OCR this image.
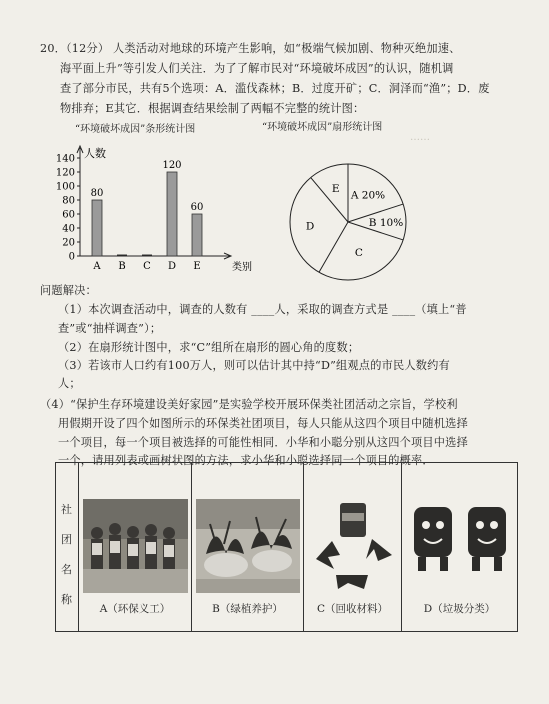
……
20．（12分） 人类活动对地球的环境产生影响，如“极端气候加剧、物种灭绝加速、
海平面上升”等引发人们关注．为了了解市民对“环境破坏成因”的认识，随机调
查了部分市民，共有5个选项：A．滥伐森林；B．过度开矿；C．洞泽而“渔”；D．废
物排弃；E其它．根据调查结果绘制了两幅不完整的统计图：
“环境破坏成因”条形统计图	“环境破坏成因”扇形统计图
人数
类别
0
20
40
60
80
100
120
140
80
A B C
120
D
60
E
A 20%
B 10%
C
D
E
问题解决：
（1）本次调查活动中，调查的人数有 ____人，采取的调查方式是 ____（填上“普
查”或“抽样调查”）；
（2）在扇形统计图中，求“C”组所在扇形的圆心角的度数；
（3）若该市人口约有100万人，则可以估计其中持“D”组观点的市民人数约有
人；
（4）“保护生存环境建设美好家园”是实验学校开展环保类社团活动之宗旨，学校利
用假期开设了四个如图所示的环保类社团项目，每人只能从这四个项目中随机选择
一个项目，每一个项目被选择的可能性相同．小华和小聪分别从这四个项目中选择
一个，请用列表或画树状图的方法，求小华和小聪选择同一个项目的概率．
社
团
名
称
A（环保义工）	B（绿植养护）	C（回收材料）	D（垃圾分类）
